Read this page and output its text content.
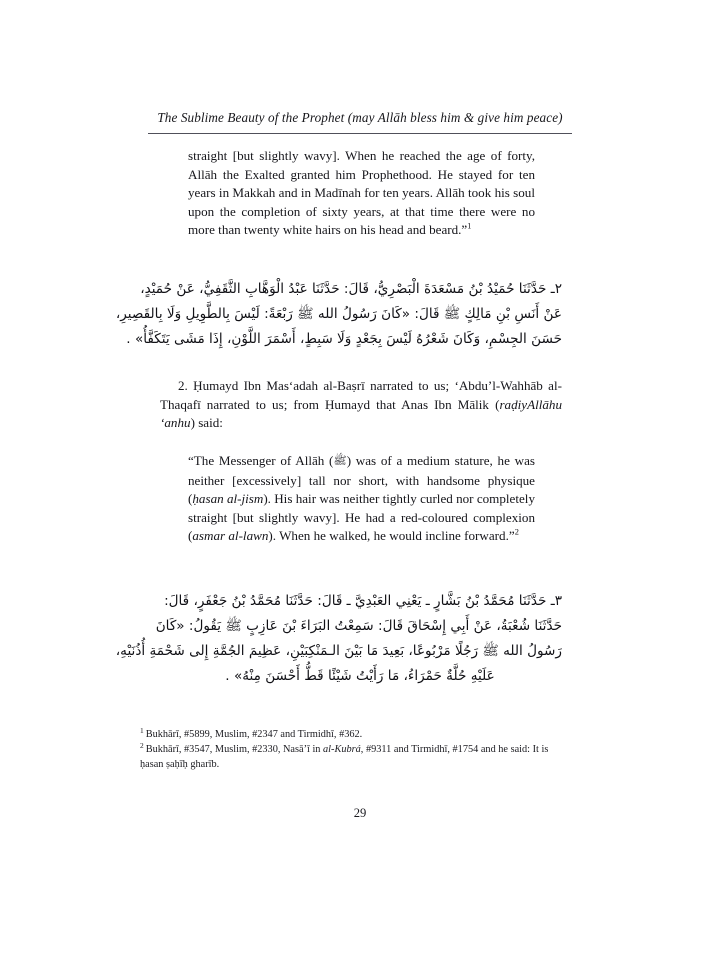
The Sublime Beauty of the Prophet (may Allāh bless him & give him peace)
straight [but slightly wavy]. When he reached the age of forty, Allāh the Exalted granted him Prophethood. He stayed for ten years in Makkah and in Madīnah for ten years. Allāh took his soul upon the completion of sixty years, at that time there were no more than twenty white hairs on his head and beard.”$^1$
٢ـ حَدَّثَنَا حُمَيْدُ بْنُ مَسْعَدَةَ الْبَصْرِيُّ، قَالَ: حَدَّثَنَا عَبْدُ الْوَهَّابِ الثَّقَفِيُّ، عَنْ حُمَيْدٍ،
عَنْ أَنَسِ بْنِ مَالِكٍ ﷺ قَالَ: «كَانَ رَسُولُ الله ﷺ رَبْعَةً: لَيْسَ بِالطَّوِيلِ وَلَا بِالقَصِيرِ،
حَسَنَ الجِسْمِ، وَكَانَ شَعْرُهُ لَيْسَ بِجَعْدٍ وَلَا سَبِطٍ، أَسْمَرَ اللَّوْنِ، إِذَا مَشَى يَتَكَفَّأُ» .
2. Ḥumayd Ibn Mas‘adah al-Baṣrī narrated to us; ‘Abdu’l-Wahhāb al-Thaqafī narrated to us; from Ḥumayd that Anas Ibn Mālik (raḍiyAllāhu ‘anhu) said:
“The Messenger of Allāh (ﷺ) was of a medium stature, he was neither [excessively] tall nor short, with handsome physique (ḥasan al-jism). His hair was neither tightly curled nor completely straight [but slightly wavy]. He had a red-coloured complexion (asmar al-lawn). When he walked, he would incline forward.”$^2$
٣ـ حَدَّثَنَا مُحَمَّدُ بْنُ بَشَّارٍ ـ يَعْنِي العَبْدِيَّ ـ قَالَ: حَدَّثَنَا مُحَمَّدُ بْنُ جَعْفَرٍ، قَالَ:
حَدَّثَنَا شُعْبَةُ، عَنْ أَبِي إِسْحَاقَ قَالَ: سَمِعْتُ البَرَاءَ بْنَ عَازِبٍ ﷺ يَقُولُ: «كَانَ
رَسُولُ الله ﷺ رَجُلًا مَرْبُوعًا، بَعِيدَ مَا بَيْنَ الـمَنْكِبَيْنِ، عَظِيمَ الجُمَّةِ إِلى شَحْمَةِ أُذُنَيْهِ،
عَلَيْهِ حُلَّةٌ حَمْرَاءُ، مَا رَأَيْتُ شَيْئًا قَطُّ أَحْسَنَ مِنْهُ» .

$^1$ Bukhārī, #5899, Muslim, #2347 and Tirmidhī, #362.

$^2$ Bukhārī, #3547, Muslim, #2330, Nasā’ī in al-Kubrá, #9311 and Tirmidhī, #1754 and he said: It is ḥasan ṣaḥīḥ gharīb.

29
